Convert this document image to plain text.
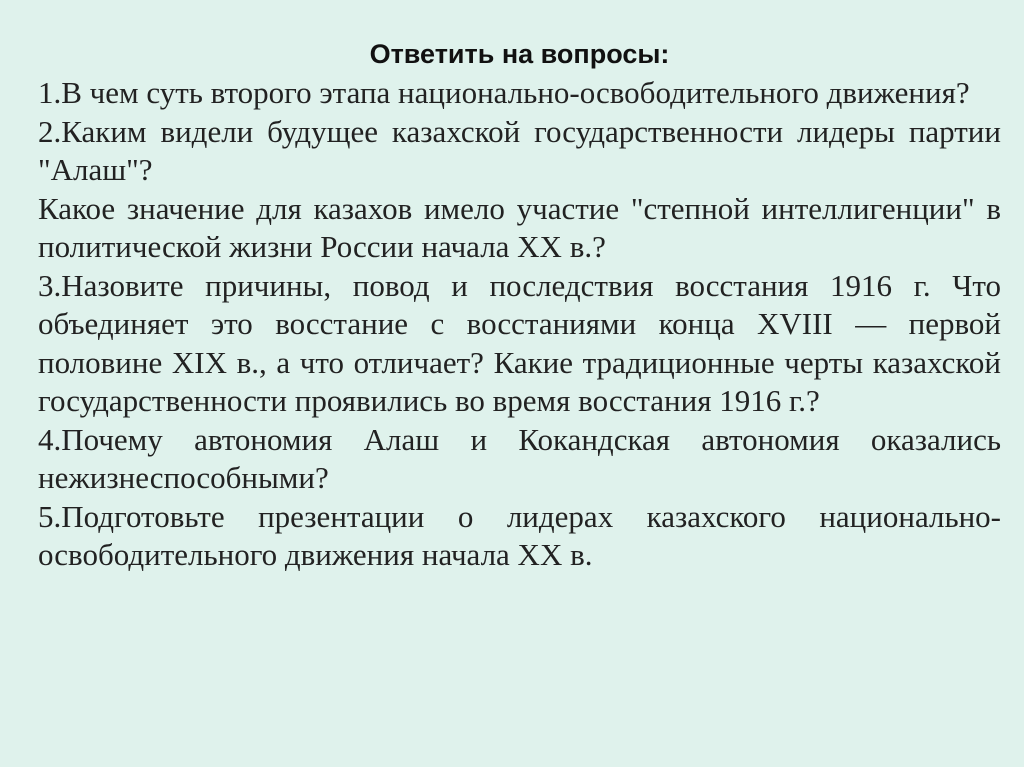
Ответить на вопросы:

1.В чем суть второго этапа национально-освободительного движения?

2.Каким видели будущее казахской государственности лидеры партии "Алаш"?

Какое значение для казахов имело участие "степной интеллигенции" в политической жизни России начала XX в.?

3.Назовите причины, повод и последствия восстания 1916 г. Что объединяет это восстание с восстаниями конца XVIII — первой половине XIX в., а что отличает? Какие традиционные черты казахской государственности проявились во время восстания 1916 г.?

4.Почему автономия Алаш и Кокандская автономия оказались нежизнеспособными?

5.Подготовьте презентации о лидерах казахского национально-освободительного движения начала XX в.
